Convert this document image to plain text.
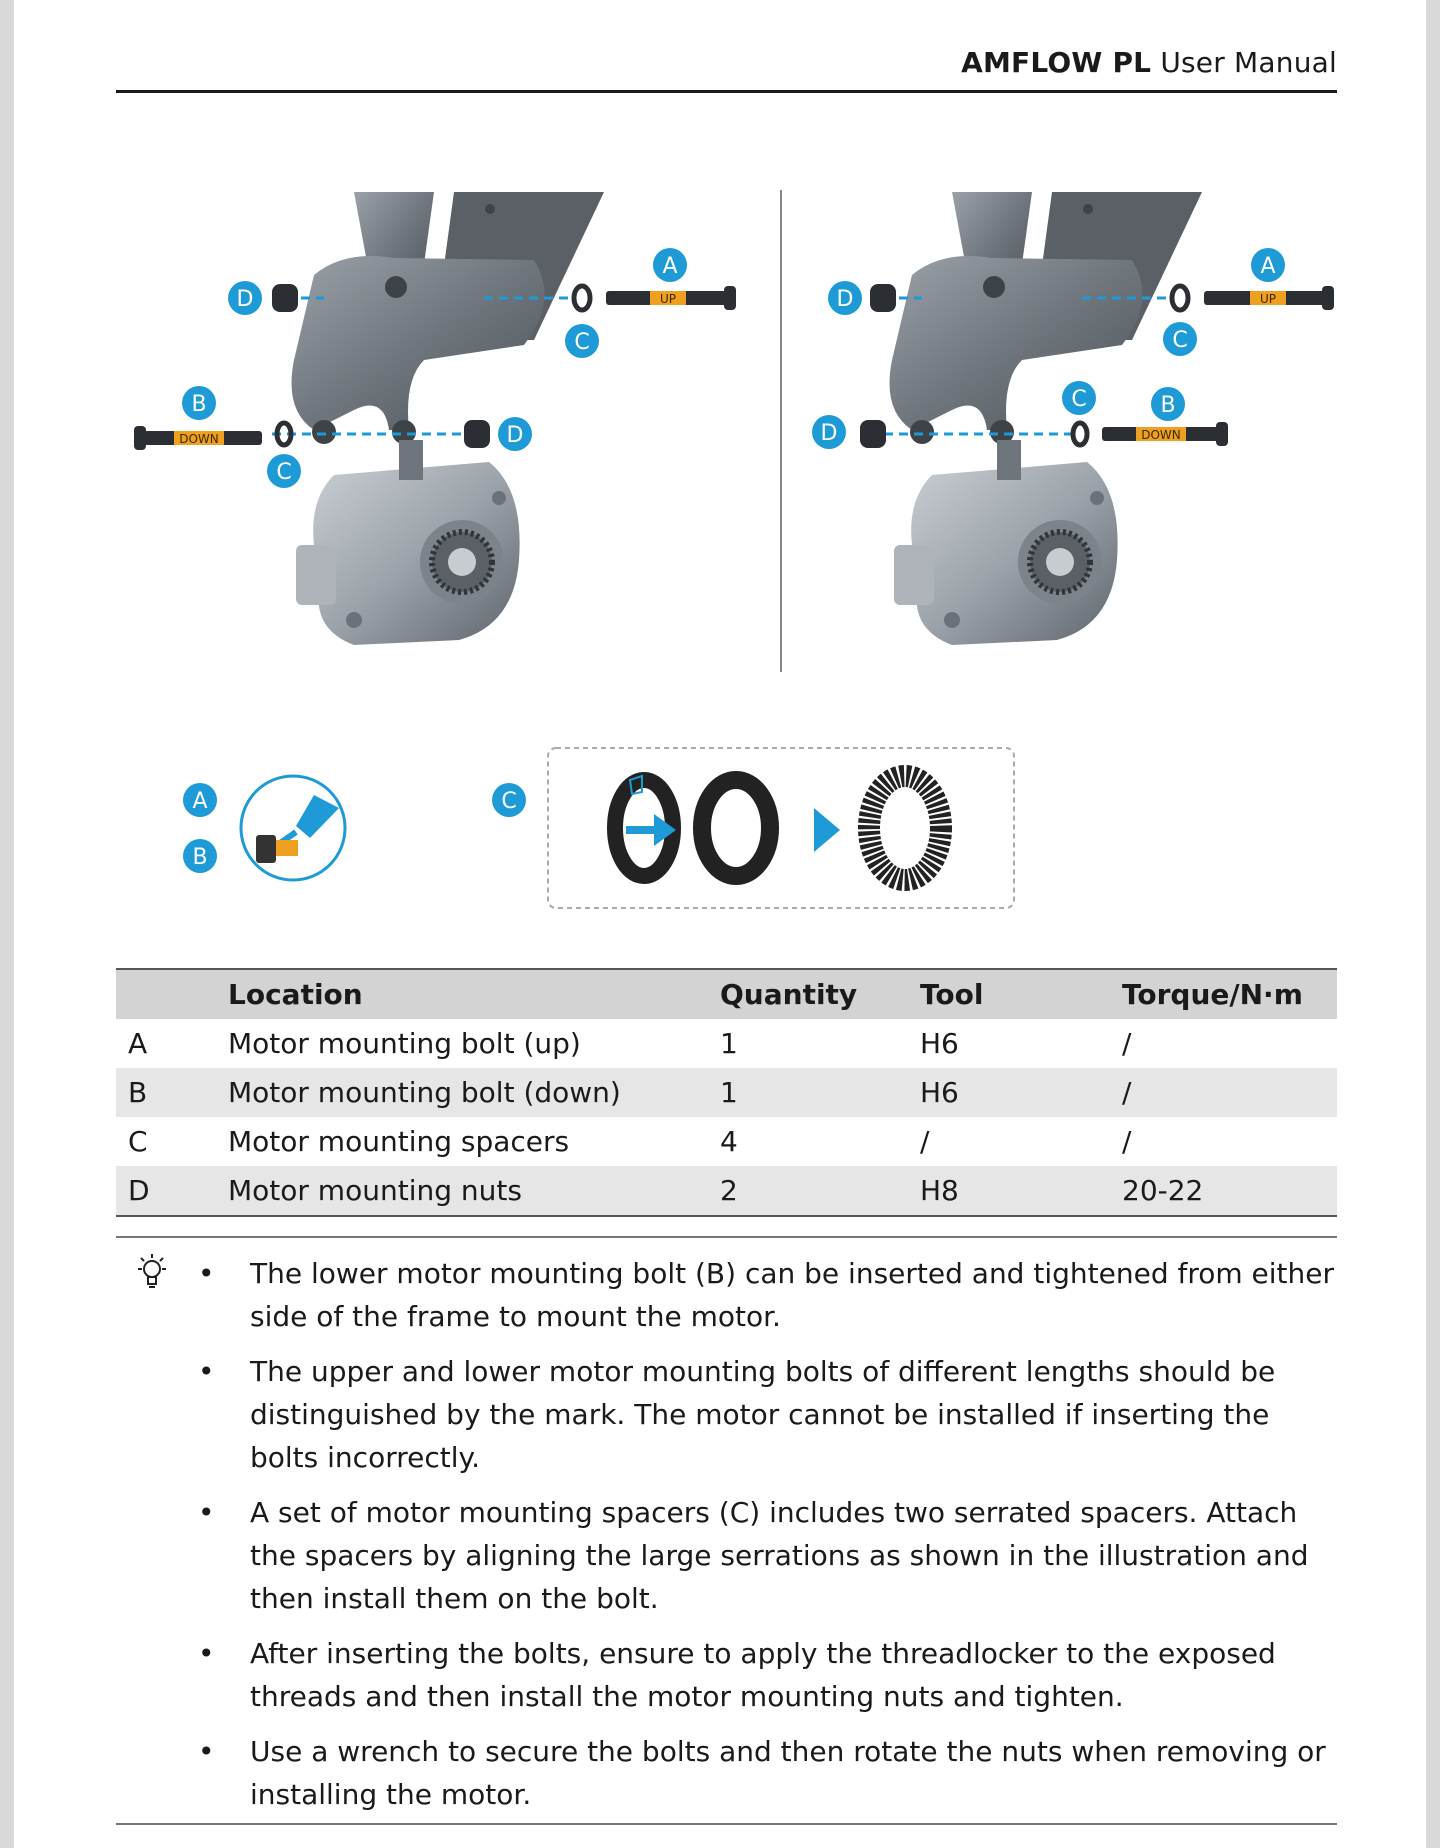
AMFLOW PL User Manual
UP
DOWN
A
C
D
B
C
D
UP
DOWN
A
C
D
C	B
D
A
B
C
	Location	Quantity	Tool	Torque/N·m
A	Motor mounting bolt (up)	1	H6	/
B	Motor mounting bolt (down)	1	H6	/
C	Motor mounting spacers	4	/	/
D	Motor mounting nuts	2	H8	20-22
• The lower motor mounting bolt (B) can be inserted and tightened from either side of the frame to mount the motor.
• The upper and lower motor mounting bolts of different lengths should be distinguished by the mark. The motor cannot be installed if inserting the bolts incorrectly.
• A set of motor mounting spacers (C) includes two serrated spacers. Attach the spacers by aligning the large serrations as shown in the illustration and then install them on the bolt.
• After inserting the bolts, ensure to apply the threadlocker to the exposed threads and then install the motor mounting nuts and tighten.
• Use a wrench to secure the bolts and then rotate the nuts when removing or installing the motor.
